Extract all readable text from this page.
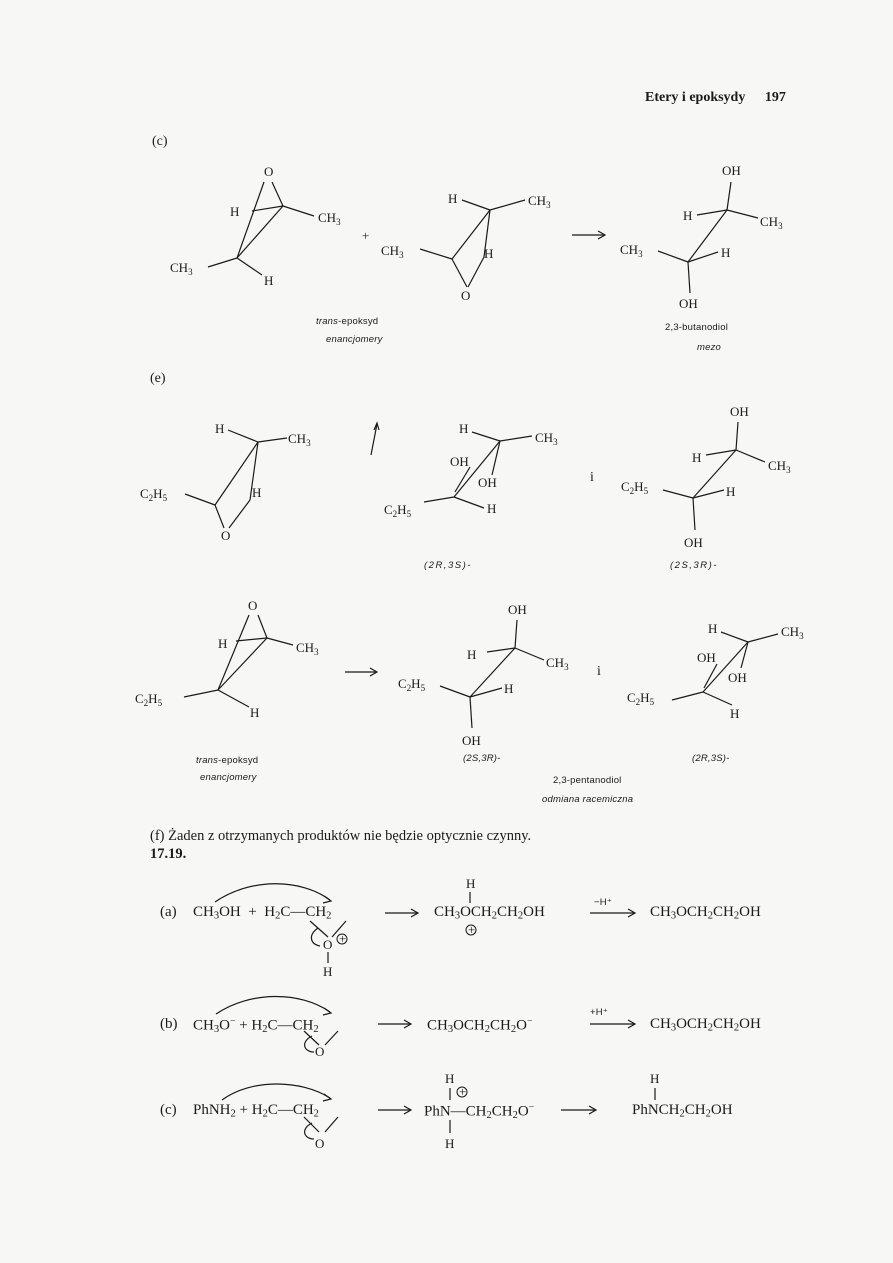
Etery i epoksydy 197
(c)
(e)
O
H	$CH_3$
$CH_3$
H
+
H	$CH_3$
$CH_3$	H
O
OH
H	$CH_3$
H
$CH_3$
OH
trans-epoksyd
enancjomery
2,3-butanodiol
mezo
H
$CH_3$
$C_2H_5$	H
O
H
$CH_3$
OH
OH
H
$C_2H_5$
OH
H
$CH_3$
H
$C_2H_5$
OH
O
H	$CH_3$
$C_2H_5$
H
OH
H
$CH_3$
H
$C_2H_5$
OH
H	$CH_3$
OH
OH
H
$C_2H_5$
i
i
(2R,3S)-	(2S,3R)-
(2S,3R)-	(2R,3S)-
trans-epoksyd
enancjomery	2,3-pentanodiol
odmiana racemiczna
(f) Żaden z otrzymanych produktów nie będzie optycznie czynny.
17.19.
(a) $CH_3OH$  +  $H_2C—CH_2$	$CH_3OCH_2CH_2OH$	$CH_3OCH_2CH_2OH$
−H⁺
(b) $CH_3O^-$ + $H_2C—CH_2$	$CH_3OCH_2CH_2O^-$	$CH_3OCH_2CH_2OH$
+H⁺
(c) PhNH$_2$ + $H_2C—CH_2$	$PhN—CH_2CH_2O^-$	$PhNCH_2CH_2OH$
O +
H
H
+
O
O
H
+
H
H
